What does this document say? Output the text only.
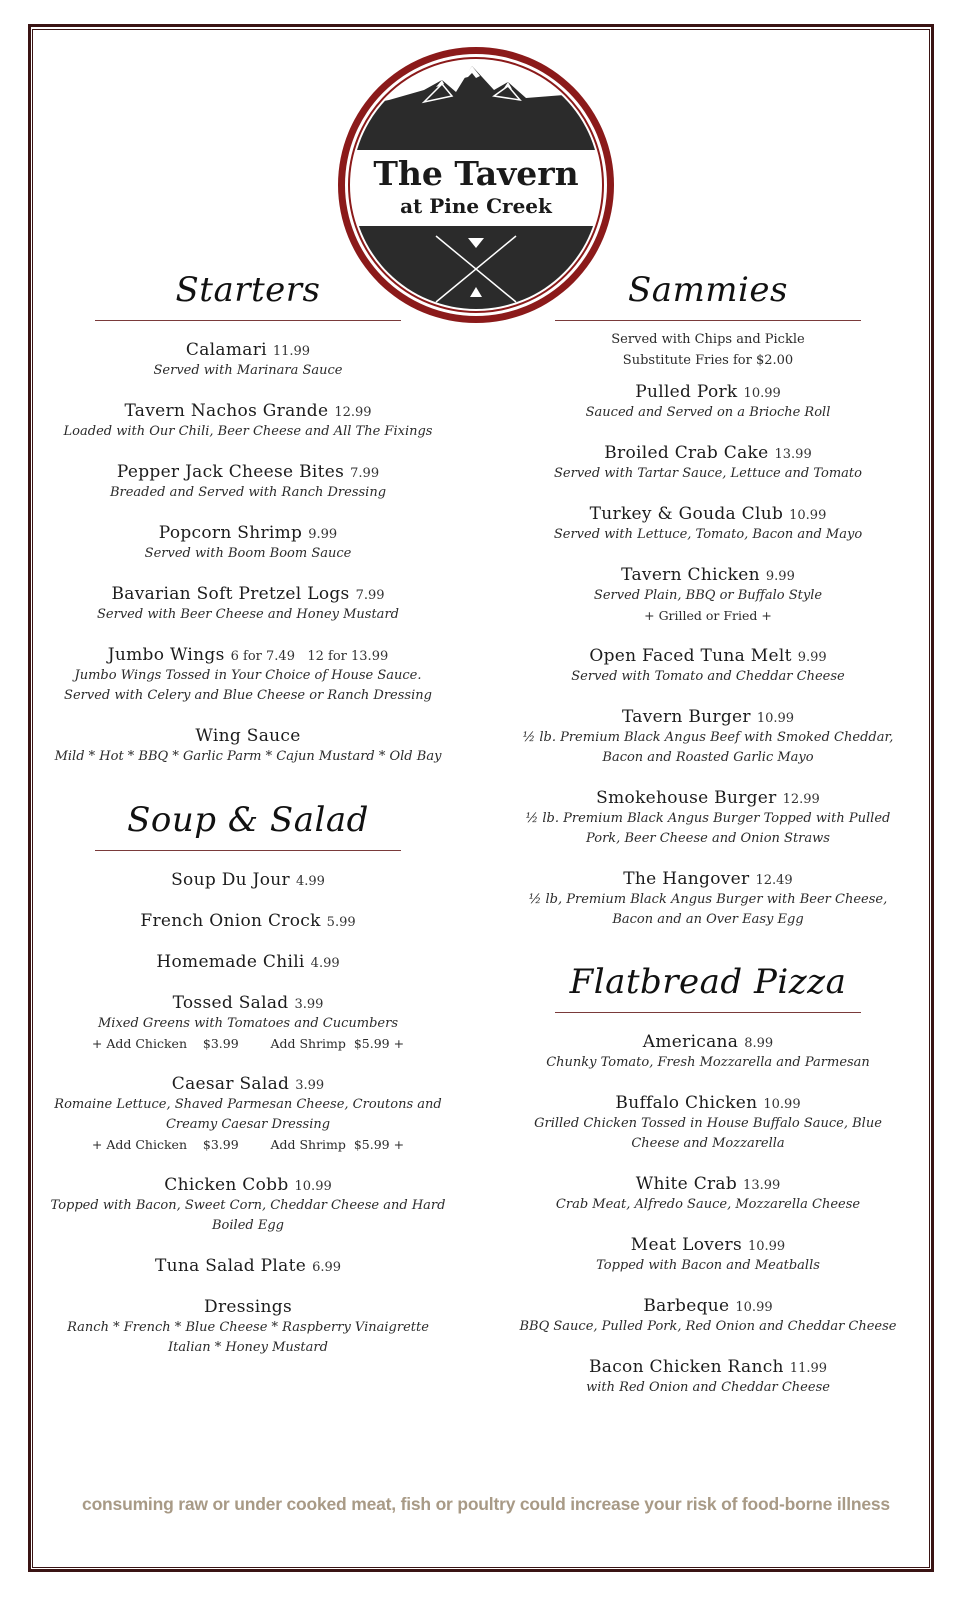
The Tavern
at Pine Creek
Starters
Calamari 11.99
Served with Marinara Sauce
Tavern Nachos Grande 12.99
Loaded with Our Chili, Beer Cheese and All The Fixings
Pepper Jack Cheese Bites 7.99
Breaded and Served with Ranch Dressing
Popcorn Shrimp 9.99
Served with Boom Boom Sauce
Bavarian Soft Pretzel Logs 7.99
Served with Beer Cheese and Honey Mustard
Jumbo Wings 6 for 7.49   12 for 13.99
Jumbo Wings Tossed in Your Choice of House Sauce.
Served with Celery and Blue Cheese or Ranch Dressing
Wing Sauce
Mild * Hot * BBQ * Garlic Parm * Cajun Mustard * Old Bay
Soup & Salad
Soup Du Jour 4.99
French Onion Crock 5.99
Homemade Chili 4.99
Tossed Salad 3.99
Mixed Greens with Tomatoes and Cucumbers
+ Add Chicken    $3.99        Add Shrimp  $5.99 +
Caesar Salad 3.99
Romaine Lettuce, Shaved Parmesan Cheese, Croutons and
Creamy Caesar Dressing
+ Add Chicken    $3.99        Add Shrimp  $5.99 +
Chicken Cobb 10.99
Topped with Bacon, Sweet Corn, Cheddar Cheese and Hard
Boiled Egg
Tuna Salad Plate 6.99
Dressings
Ranch * French * Blue Cheese * Raspberry Vinaigrette
Italian * Honey Mustard
Sammies
Served with Chips and Pickle
Substitute Fries for $2.00
Pulled Pork 10.99
Sauced and Served on a Brioche Roll
Broiled Crab Cake 13.99
Served with Tartar Sauce, Lettuce and Tomato
Turkey & Gouda Club 10.99
Served with Lettuce, Tomato, Bacon and Mayo
Tavern Chicken 9.99
Served Plain, BBQ or Buffalo Style
+ Grilled or Fried +
Open Faced Tuna Melt 9.99
Served with Tomato and Cheddar Cheese
Tavern Burger 10.99
½ lb. Premium Black Angus Beef with Smoked Cheddar,
Bacon and Roasted Garlic Mayo
Smokehouse Burger 12.99
½ lb. Premium Black Angus Burger Topped with Pulled
Pork, Beer Cheese and Onion Straws
The Hangover 12.49
½ lb, Premium Black Angus Burger with Beer Cheese,
Bacon and an Over Easy Egg
Flatbread Pizza
Americana 8.99
Chunky Tomato, Fresh Mozzarella and Parmesan
Buffalo Chicken 10.99
Grilled Chicken Tossed in House Buffalo Sauce, Blue
Cheese and Mozzarella
White Crab 13.99
Crab Meat, Alfredo Sauce, Mozzarella Cheese
Meat Lovers 10.99
Topped with Bacon and Meatballs
Barbeque 10.99
BBQ Sauce, Pulled Pork, Red Onion and Cheddar Cheese
Bacon Chicken Ranch 11.99
with Red Onion and Cheddar Cheese
consuming raw or under cooked meat, fish or poultry could increase your risk of food-borne illness
